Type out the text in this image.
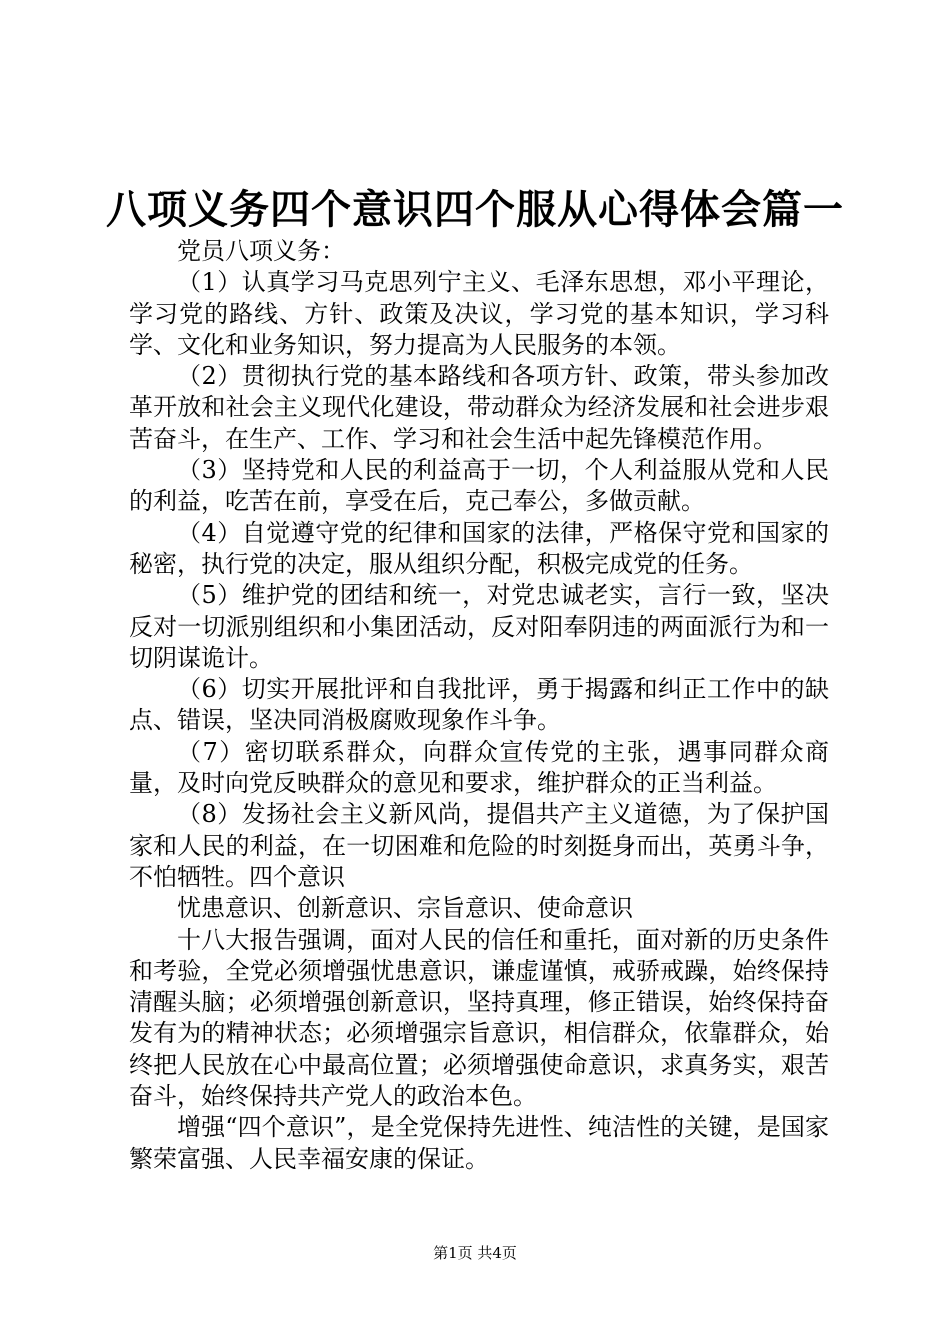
八项义务四个意识四个服从心得体会篇一

党员八项义务：

（1）认真学习马克思列宁主义、毛泽东思想，邓小平理论，学习党的路线、方针、政策及决议，学习党的基本知识，学习科学、文化和业务知识，努力提高为人民服务的本领。

（2）贯彻执行党的基本路线和各项方针、政策，带头参加改革开放和社会主义现代化建设，带动群众为经济发展和社会进步艰苦奋斗，在生产、工作、学习和社会生活中起先锋模范作用。

（3）坚持党和人民的利益高于一切，个人利益服从党和人民的利益，吃苦在前，享受在后，克己奉公，多做贡献。

（4）自觉遵守党的纪律和国家的法律，严格保守党和国家的秘密，执行党的决定，服从组织分配，积极完成党的任务。

（5）维护党的团结和统一，对党忠诚老实，言行一致，坚决反对一切派别组织和小集团活动，反对阳奉阴违的两面派行为和一切阴谋诡计。

（6）切实开展批评和自我批评，勇于揭露和纠正工作中的缺点、错误，坚决同消极腐败现象作斗争。

（7）密切联系群众，向群众宣传党的主张，遇事同群众商量，及时向党反映群众的意见和要求，维护群众的正当利益。

（8）发扬社会主义新风尚，提倡共产主义道德，为了保护国家和人民的利益，在一切困难和危险的时刻挺身而出，英勇斗争，不怕牺牲。四个意识

忧患意识、创新意识、宗旨意识、使命意识

十八大报告强调，面对人民的信任和重托，面对新的历史条件和考验，全党必须增强忧患意识，谦虚谨慎，戒骄戒躁，始终保持清醒头脑；必须增强创新意识，坚持真理，修正错误，始终保持奋发有为的精神状态；必须增强宗旨意识，相信群众，依靠群众，始终把人民放在心中最高位置；必须增强使命意识，求真务实，艰苦奋斗，始终保持共产党人的政治本色。

增强“四个意识”，是全党保持先进性、纯洁性的关键，是国家繁荣富强、人民幸福安康的保证。

第1页 共4页
